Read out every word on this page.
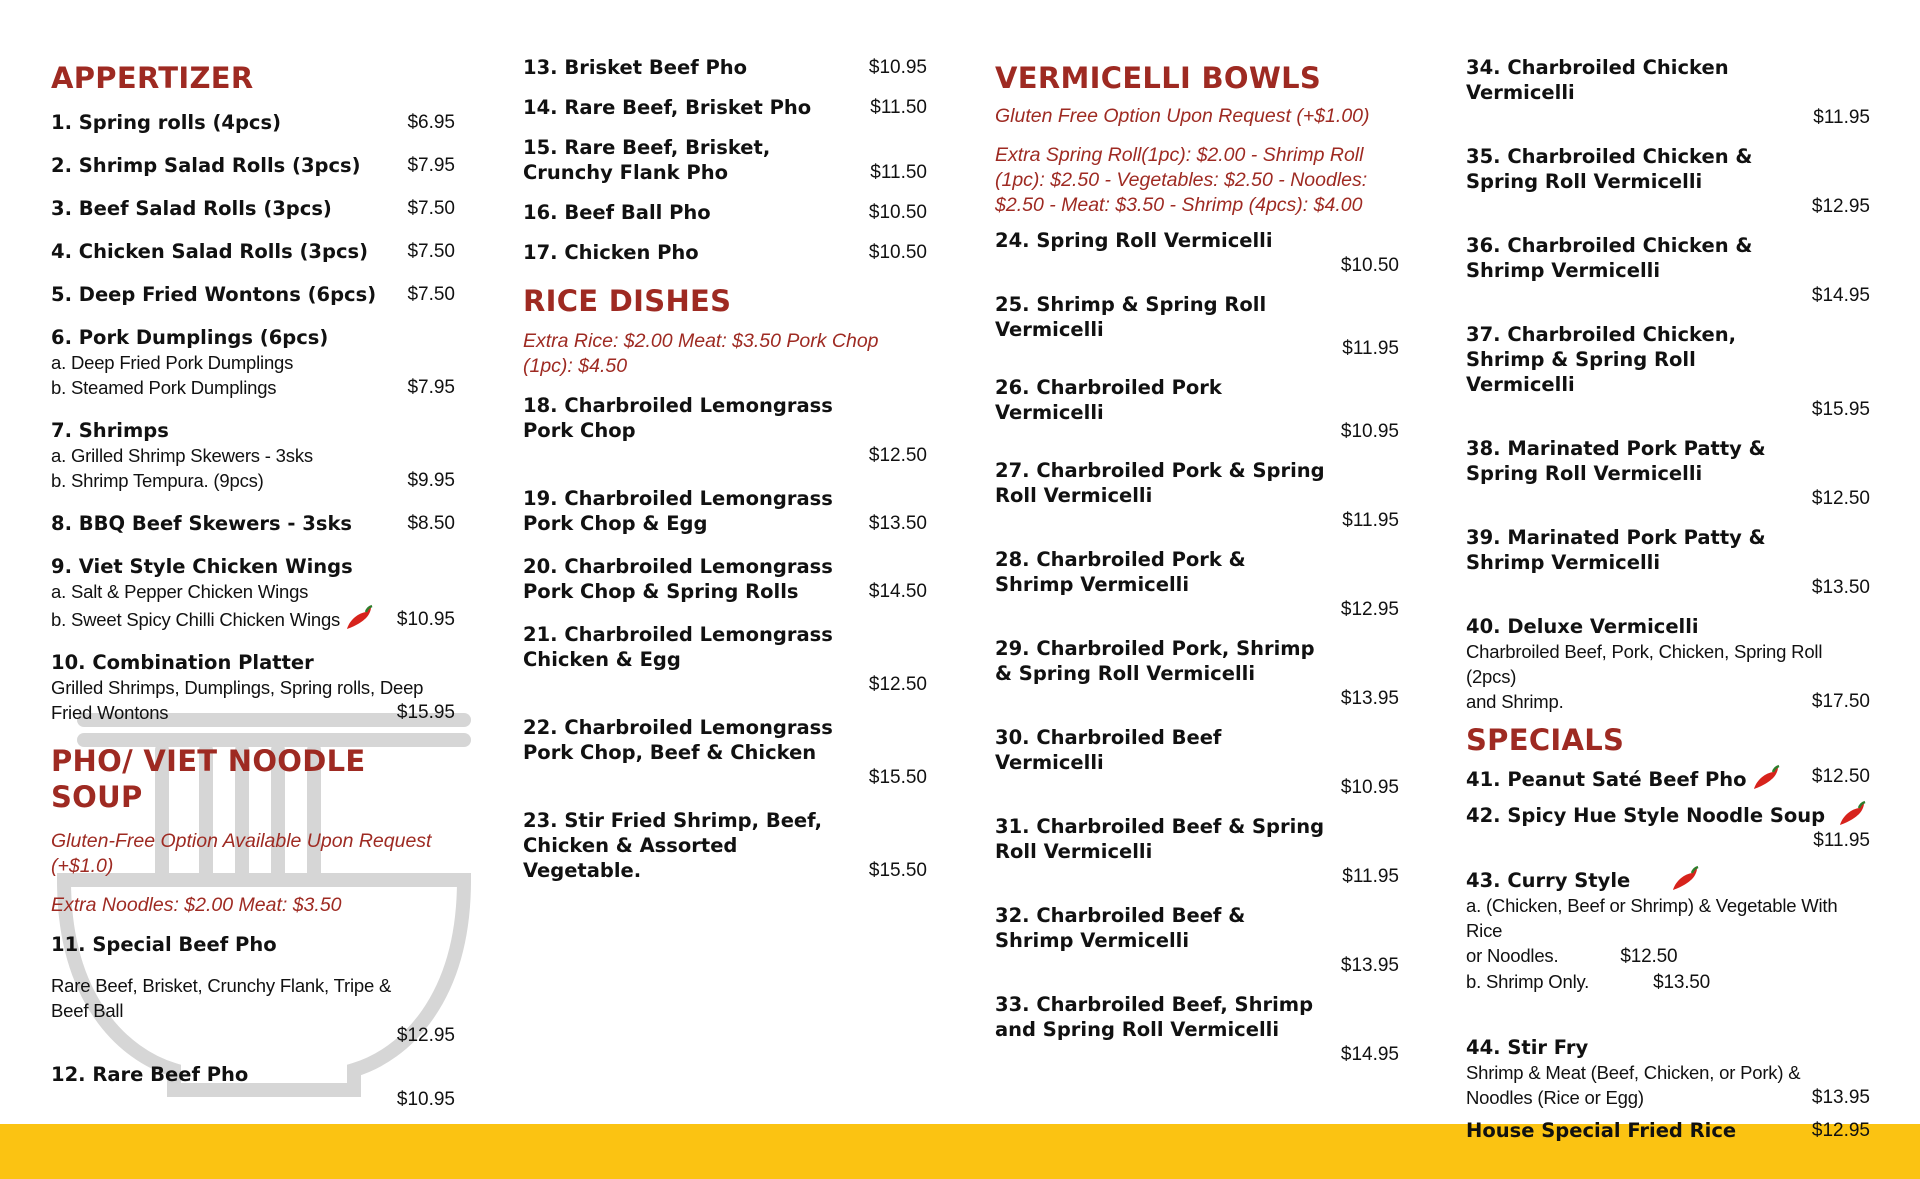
APPERTIZER
1. Spring rolls (4pcs)	$6.95
2. Shrimp Salad Rolls (3pcs)	$7.95
3. Beef Salad Rolls (3pcs)	$7.50
4. Chicken Salad Rolls (3pcs)	$7.50
5. Deep Fried Wontons (6pcs)	$7.50
6. Pork Dumplings (6pcs)
a. Deep Fried Pork Dumplings
b. Steamed Pork Dumplings	$7.95
7. Shrimps
a. Grilled Shrimp Skewers - 3sks
b. Shrimp Tempura. (9pcs)	$9.95
8. BBQ Beef Skewers - 3sks	$8.50
9. Viet Style Chicken Wings
a. Salt & Pepper Chicken Wings
b. Sweet Spicy Chilli Chicken Wings	$10.95
10. Combination Platter
Grilled Shrimps, Dumplings, Spring rolls, Deep
Fried Wontons	$15.95
PHO/ VIET NOODLE SOUP
Gluten-Free Option Available Upon Request (+$1.0)
Extra Noodles: $2.00 Meat: $3.50
11. Special Beef Pho
Rare Beef, Brisket, Crunchy Flank, Tripe & Beef Ball
$12.95
12. Rare Beef Pho
$10.95
13. Brisket Beef Pho	$10.95
14. Rare Beef, Brisket Pho	$11.50
15. Rare Beef, Brisket, Crunchy Flank Pho	$11.50
16. Beef Ball Pho	$10.50
17. Chicken Pho	$10.50
RICE DISHES
Extra Rice: $2.00 Meat: $3.50 Pork Chop (1pc): $4.50
18. Charbroiled Lemongrass Pork Chop
$12.50
19. Charbroiled Lemongrass Pork Chop & Egg	$13.50
20. Charbroiled Lemongrass Pork Chop & Spring Rolls	$14.50
21. Charbroiled Lemongrass Chicken & Egg
$12.50
22. Charbroiled Lemongrass Pork Chop, Beef & Chicken
$15.50
23. Stir Fried Shrimp, Beef, Chicken & Assorted Vegetable.	$15.50
VERMICELLI BOWLS
Gluten Free Option Upon Request (+$1.00)
Extra Spring Roll(1pc): $2.00 - Shrimp Roll (1pc): $2.50 - Vegetables: $2.50 - Noodles: $2.50 - Meat: $3.50 - Shrimp (4pcs): $4.00
24. Spring Roll Vermicelli
$10.50
25. Shrimp & Spring Roll Vermicelli
$11.95
26. Charbroiled Pork Vermicelli
$10.95
27. Charbroiled Pork & Spring Roll Vermicelli
$11.95
28. Charbroiled Pork & Shrimp Vermicelli
$12.95
29. Charbroiled Pork, Shrimp & Spring Roll Vermicelli
$13.95
30. Charbroiled Beef Vermicelli
$10.95
31. Charbroiled Beef & Spring Roll Vermicelli
$11.95
32. Charbroiled Beef & Shrimp Vermicelli
$13.95
33. Charbroiled Beef, Shrimp and Spring Roll Vermicelli
$14.95
34. Charbroiled Chicken Vermicelli
$11.95
35. Charbroiled Chicken & Spring Roll Vermicelli
$12.95
36. Charbroiled Chicken & Shrimp Vermicelli
$14.95
37. Charbroiled Chicken, Shrimp & Spring Roll Vermicelli
$15.95
38. Marinated Pork Patty & Spring Roll Vermicelli
$12.50
39. Marinated Pork Patty & Shrimp Vermicelli
$13.50
40. Deluxe Vermicelli
Charbroiled Beef, Pork, Chicken, Spring Roll (2pcs)
and Shrimp.	$17.50
SPECIALS
41. Peanut Saté Beef Pho	$12.50
42. Spicy Hue Style Noodle Soup
$11.95
43. Curry Style
a. (Chicken, Beef or Shrimp) & Vegetable With Rice
or Noodles.	$12.50
b. Shrimp Only.	$13.50
44. Stir Fry
Shrimp & Meat (Beef, Chicken, or Pork) &
Noodles (Rice or Egg)	$13.95
House Special Fried Rice	$12.95
